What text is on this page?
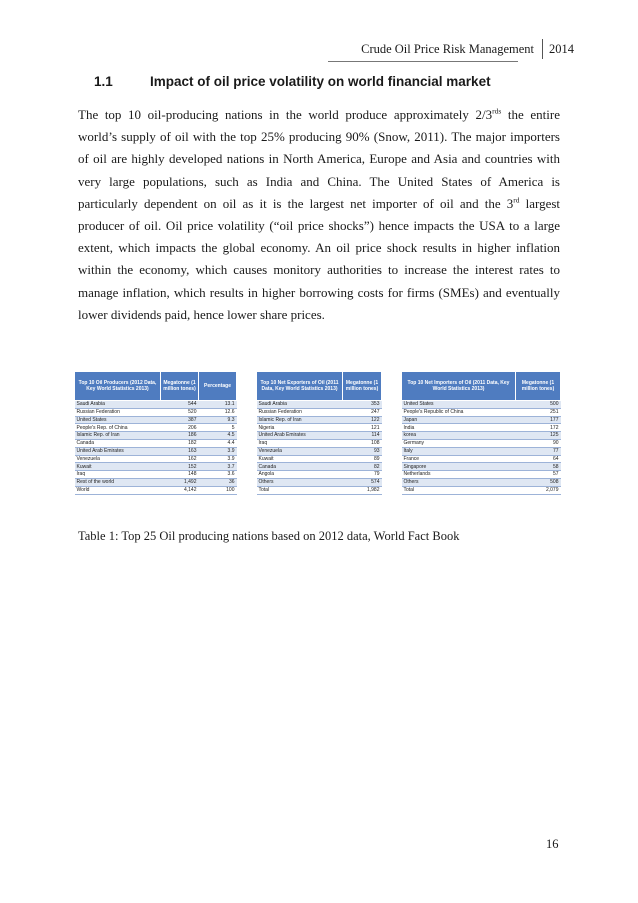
Crude Oil Price Risk Management	2014
1.1	Impact of oil price volatility on world financial market

The top 10 oil-producing nations in the world produce approximately $2/3^{rds}$ the entire world’s supply of oil with the top 25% producing 90% (Snow, 2011). The major importers of oil are highly developed nations in North America, Europe and Asia and countries with very large populations, such as India and China. The United States of America is particularly dependent on oil as it is the largest net importer of oil and the 3rd largest producer of oil. Oil price volatility (“oil price shocks”) hence impacts the USA to a large extent, which impacts the global economy. An oil price shock results in higher inflation within the economy, which causes monitory authorities to increase the interest rates to manage inflation, which results in higher borrowing costs for firms (SMEs) and eventually lower dividends paid, hence lower share prices.

Top 10 Oil Producers (2012 Data, Key World Statistics 2013)	Megatonne (1 million tones)	Percentage
Saudi Arabia	544	13.1
Russian Federation	520	12.6
United States	387	9.3
People's Rep. of China	206	5
Islamic Rep. of Iran	186	4.5
Canada	182	4.4
United Arab Emirates	163	3.9
Venezuela	162	3.9
Kuwait	152	3.7
Iraq	148	3.6
Rest of the world	1,492	36
World	4,142	100
Top 10 Net Exporters of Oil (2011 Data, Key World Statistics 2013)	Megatonne (1 million tones)
Saudi Arabia	353
Russian Federation	247
Islamic Rep. of Iran	122
Nigeria	121
United Arab Emirates	114
Iraq	108
Venezuela	93
Kuwait	89
Canada	82
Angola	79
Others	574
Total	1,982
Top 10 Net Importers of Oil (2011 Data, Key World Statistics 2013)	Megatonne (1 million tones)
United States	500
People's Republic of China	251
Japan	177
India	172
korea	125
Germany	90
Italy	77
France	64
Singapore	58
Netherlands	57
Others	508
Total	2,079

Table 1: Top 25 Oil producing nations based on 2012 data, World Fact Book

16
